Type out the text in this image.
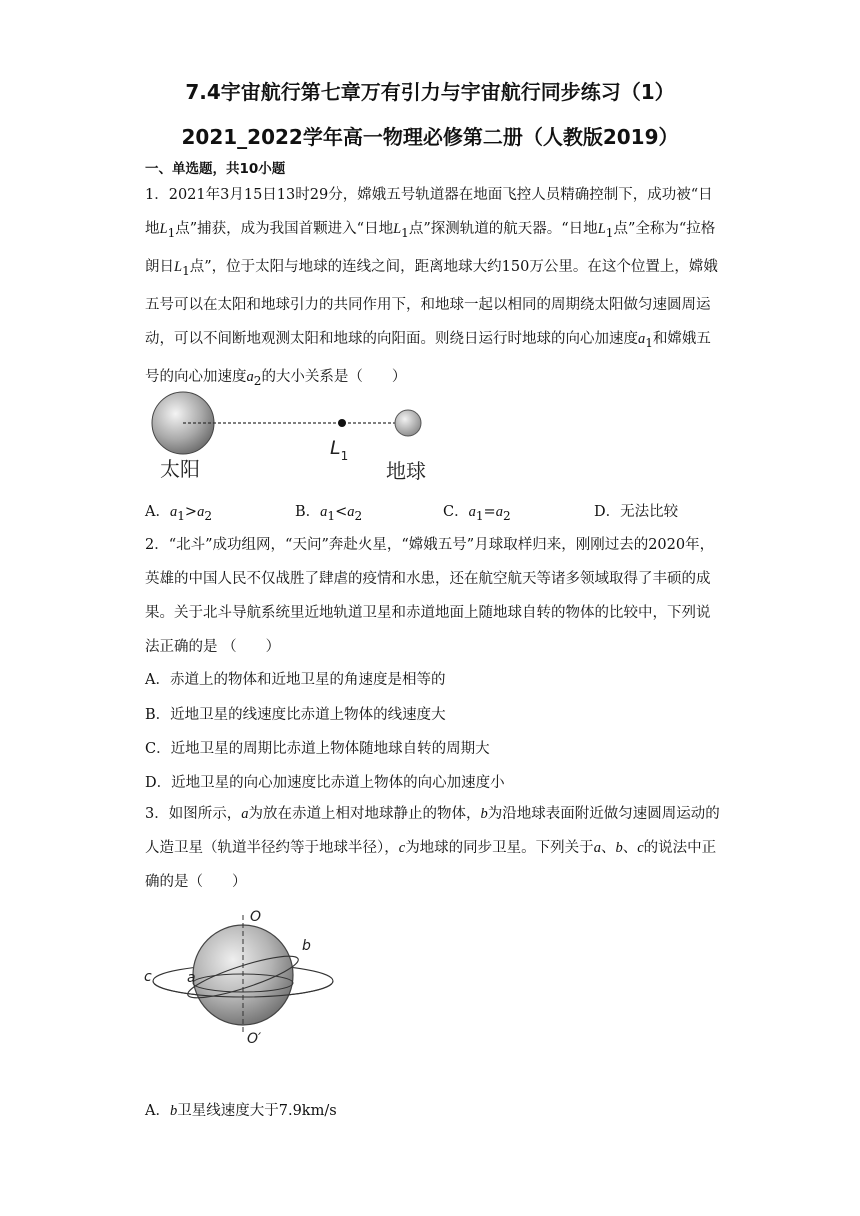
7.4宇宙航行第七章万有引力与宇宙航行同步练习（1）
2021_2022学年高一物理必修第二册（人教版2019）
一、单选题，共10小题
1．2021年3月15日13时29分，嫦娥五号轨道器在地面飞控人员精确控制下，成功被“日地$L_1$点”捕获，成为我国首颗进入“日地$L_1$点”探测轨道的航天器。“日地$L_1$点”全称为“拉格朗日$L_1$点”，位于太阳与地球的连线之间，距离地球大约150万公里。在这个位置上，嫦娥五号可以在太阳和地球引力的共同作用下，和地球一起以相同的周期绕太阳做匀速圆周运动，可以不间断地观测太阳和地球的向阳面。则绕日运行时地球的向心加速度$a_1$和嫦娥五号的向心加速度$a_2$的大小关系是（　　）
太阳
$L_1$
地球
A．$a_1>a_2$	B．$a_1<a_2$	C．$a_1=a_2$	D．无法比较
2．“北斗”成功组网，“天问”奔赴火星，“嫦娥五号”月球取样归来，刚刚过去的2020年，英雄的中国人民不仅战胜了肆虐的疫情和水患，还在航空航天等诸多领域取得了丰硕的成果。关于北斗导航系统里近地轨道卫星和赤道地面上随地球自转的物体的比较中，下列说法正确的是 （　　）
A．赤道上的物体和近地卫星的角速度是相等的
B．近地卫星的线速度比赤道上物体的线速度大
C．近地卫星的周期比赤道上物体随地球自转的周期大
D．近地卫星的向心加速度比赤道上物体的向心加速度小
3．如图所示，a为放在赤道上相对地球静止的物体，b为沿地球表面附近做匀速圆周运动的人造卫星（轨道半径约等于地球半径），c为地球的同步卫星。下列关于a、b、c的说法中正确的是（　　）
O
O′
a
b
c
A．b卫星线速度大于7.9km/s
